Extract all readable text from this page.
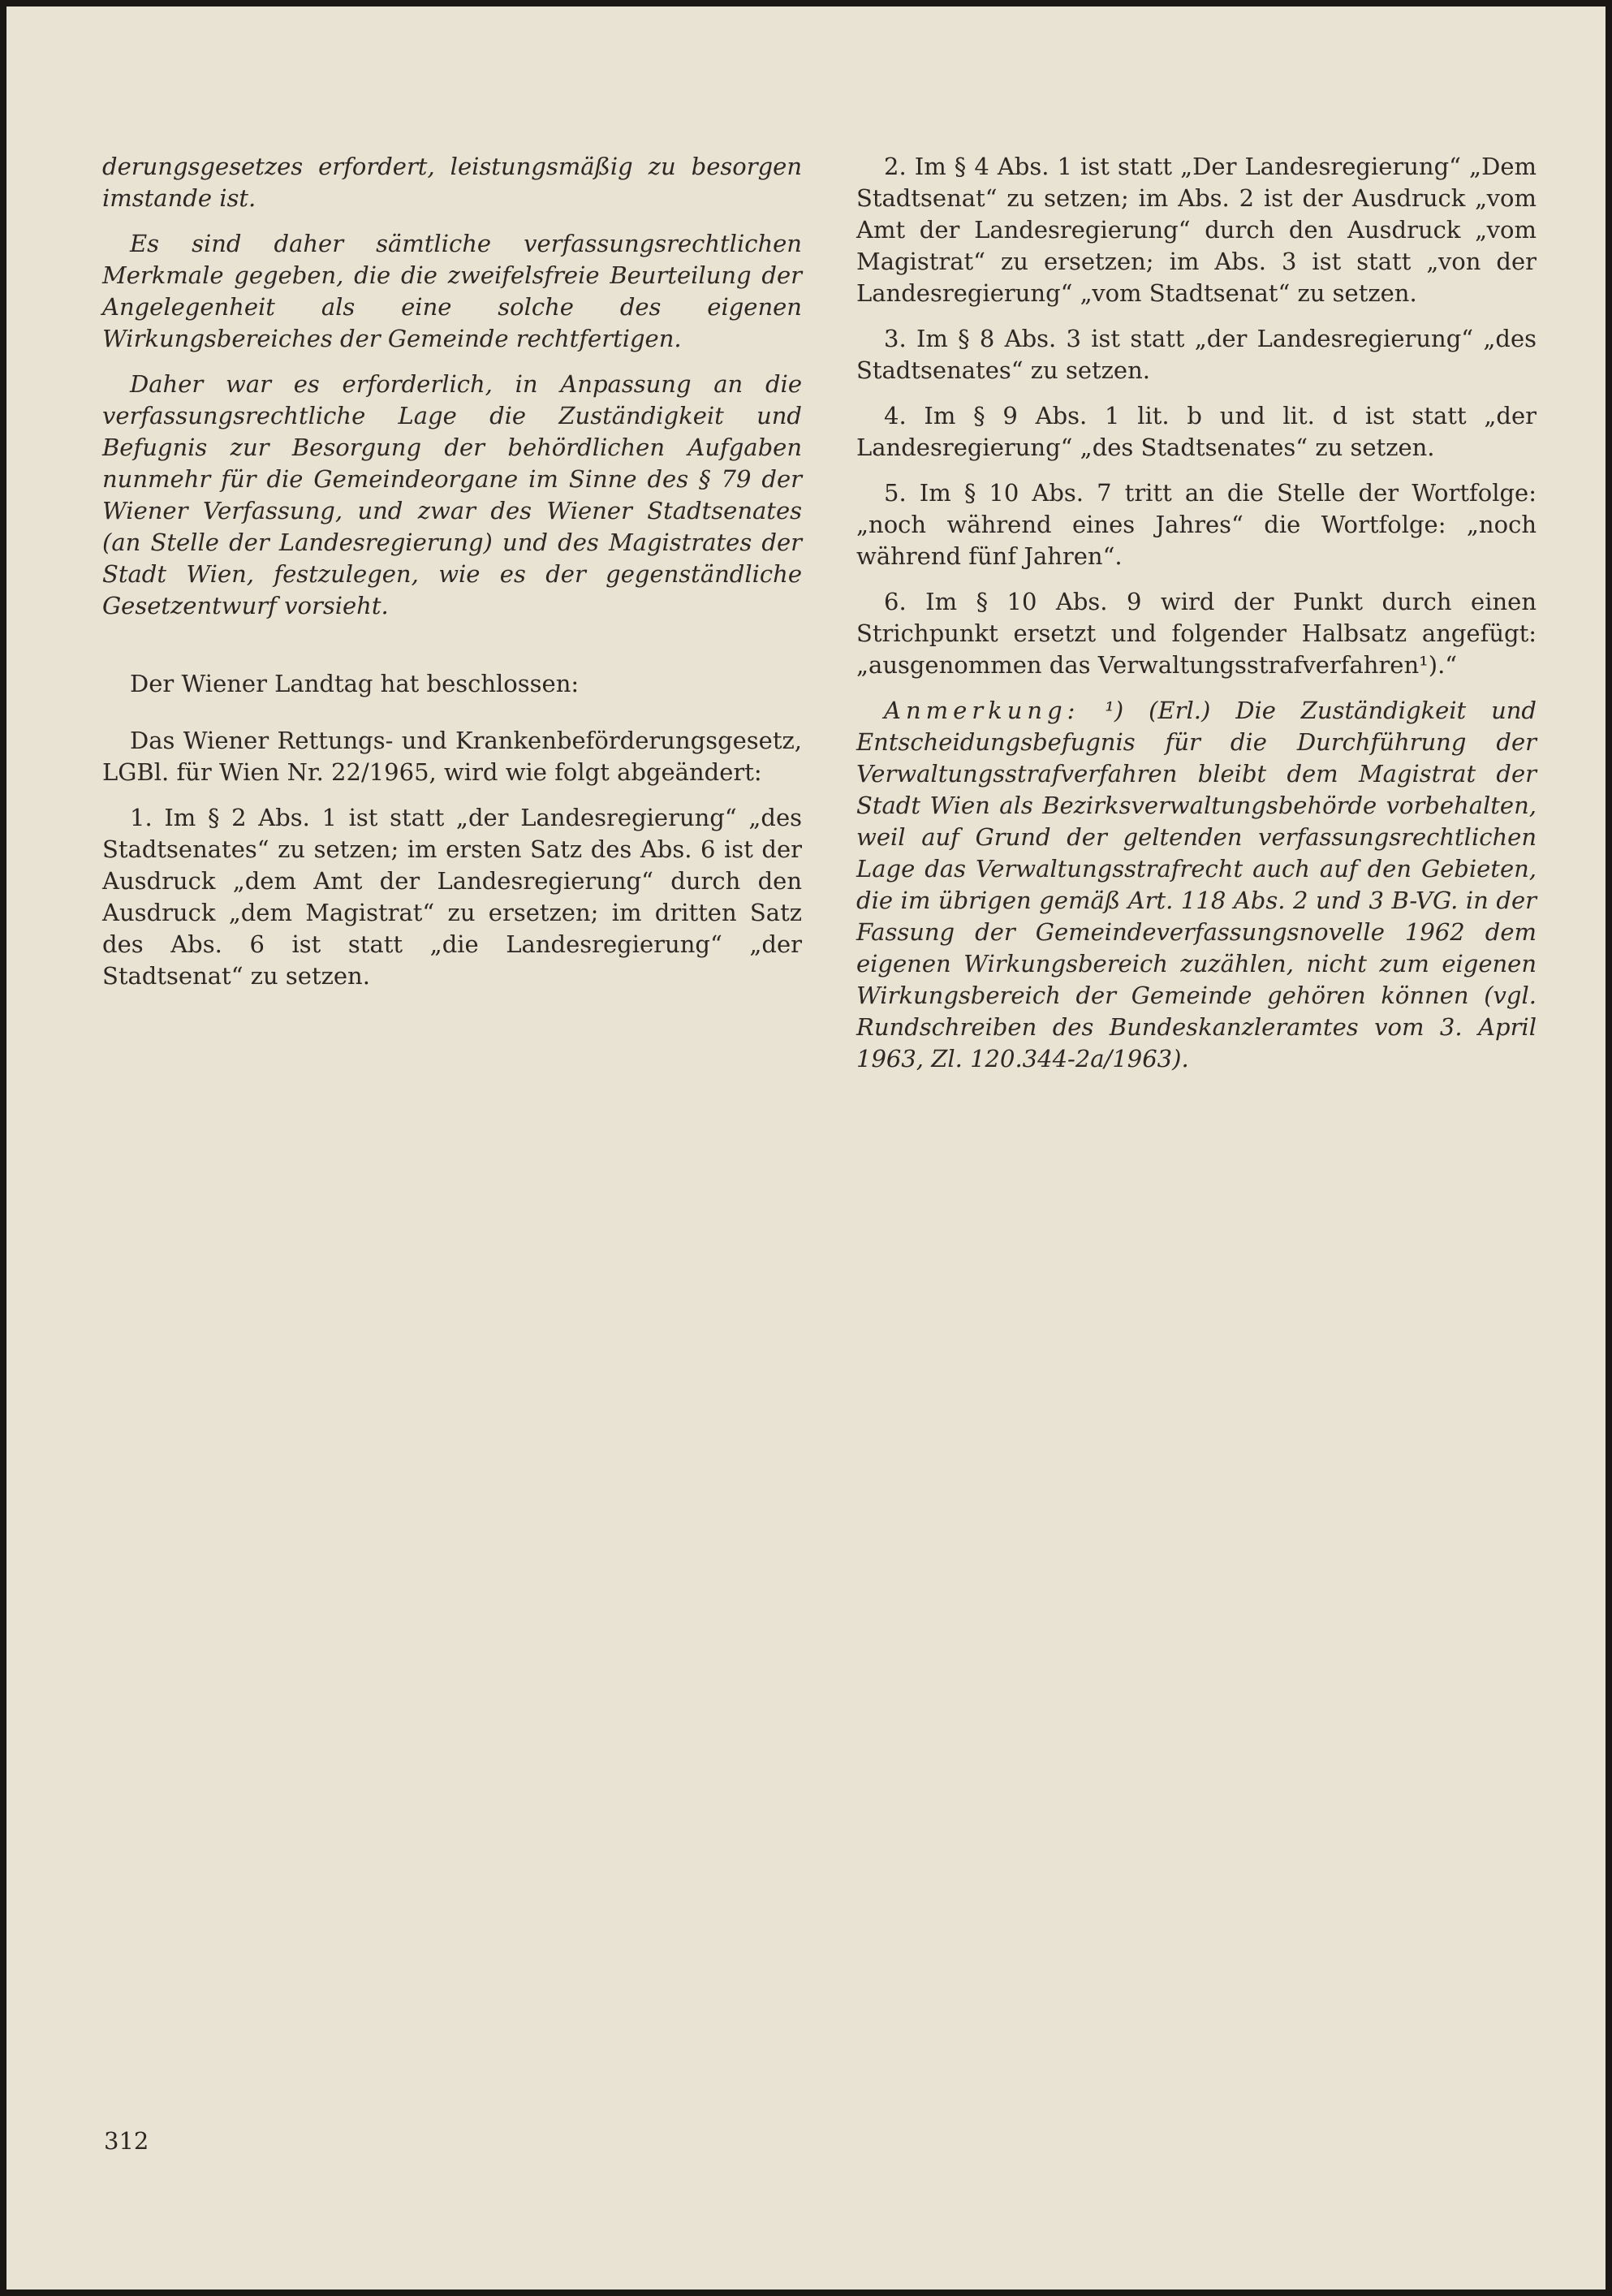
derungsgesetzes erfordert, leistungsmäßig zu besorgen imstande ist.

Es sind daher sämtliche verfassungsrechtlichen Merkmale gegeben, die die zweifelsfreie Beurteilung der Angelegenheit als eine solche des eigenen Wirkungsbereiches der Gemeinde rechtfertigen.

Daher war es erforderlich, in Anpassung an die verfassungsrechtliche Lage die Zuständigkeit und Befugnis zur Besorgung der behördlichen Aufgaben nunmehr für die Gemeindeorgane im Sinne des § 79 der Wiener Verfassung, und zwar des Wiener Stadtsenates (an Stelle der Landesregierung) und des Magistrates der Stadt Wien, festzulegen, wie es der gegenständliche Gesetzentwurf vorsieht.

Der Wiener Landtag hat beschlossen:

Das Wiener Rettungs- und Krankenbeförderungsgesetz, LGBl. für Wien Nr. 22/1965, wird wie folgt abgeändert:

1. Im § 2 Abs. 1 ist statt „der Landesregierung“ „des Stadtsenates“ zu setzen; im ersten Satz des Abs. 6 ist der Ausdruck „dem Amt der Landesregierung“ durch den Ausdruck „dem Magistrat“ zu ersetzen; im dritten Satz des Abs. 6 ist statt „die Landesregierung“ „der Stadtsenat“ zu setzen.

2. Im § 4 Abs. 1 ist statt „Der Landesregierung“ „Dem Stadtsenat“ zu setzen; im Abs. 2 ist der Ausdruck „vom Amt der Landesregierung“ durch den Ausdruck „vom Magistrat“ zu ersetzen; im Abs. 3 ist statt „von der Landesregierung“ „vom Stadtsenat“ zu setzen.

3. Im § 8 Abs. 3 ist statt „der Landesregierung“ „des Stadtsenates“ zu setzen.

4. Im § 9 Abs. 1 lit. b und lit. d ist statt „der Landesregierung“ „des Stadtsenates“ zu setzen.

5. Im § 10 Abs. 7 tritt an die Stelle der Wortfolge: „noch während eines Jahres“ die Wortfolge: „noch während fünf Jahren“.

6. Im § 10 Abs. 9 wird der Punkt durch einen Strichpunkt ersetzt und folgender Halbsatz angefügt: „ausgenommen das Verwaltungsstrafverfahren¹).“

Anmerkung: ¹) (Erl.) Die Zuständigkeit und Entscheidungsbefugnis für die Durchführung der Verwaltungsstrafverfahren bleibt dem Magistrat der Stadt Wien als Bezirksverwaltungsbehörde vorbehalten, weil auf Grund der geltenden verfassungsrechtlichen Lage das Verwaltungsstrafrecht auch auf den Gebieten, die im übrigen gemäß Art. 118 Abs. 2 und 3 B-VG. in der Fassung der Gemeindeverfassungsnovelle 1962 dem eigenen Wirkungsbereich zuzählen, nicht zum eigenen Wirkungsbereich der Gemeinde gehören können (vgl. Rundschreiben des Bundeskanzleramtes vom 3. April 1963, Zl. 120.344-2a/1963).

312
